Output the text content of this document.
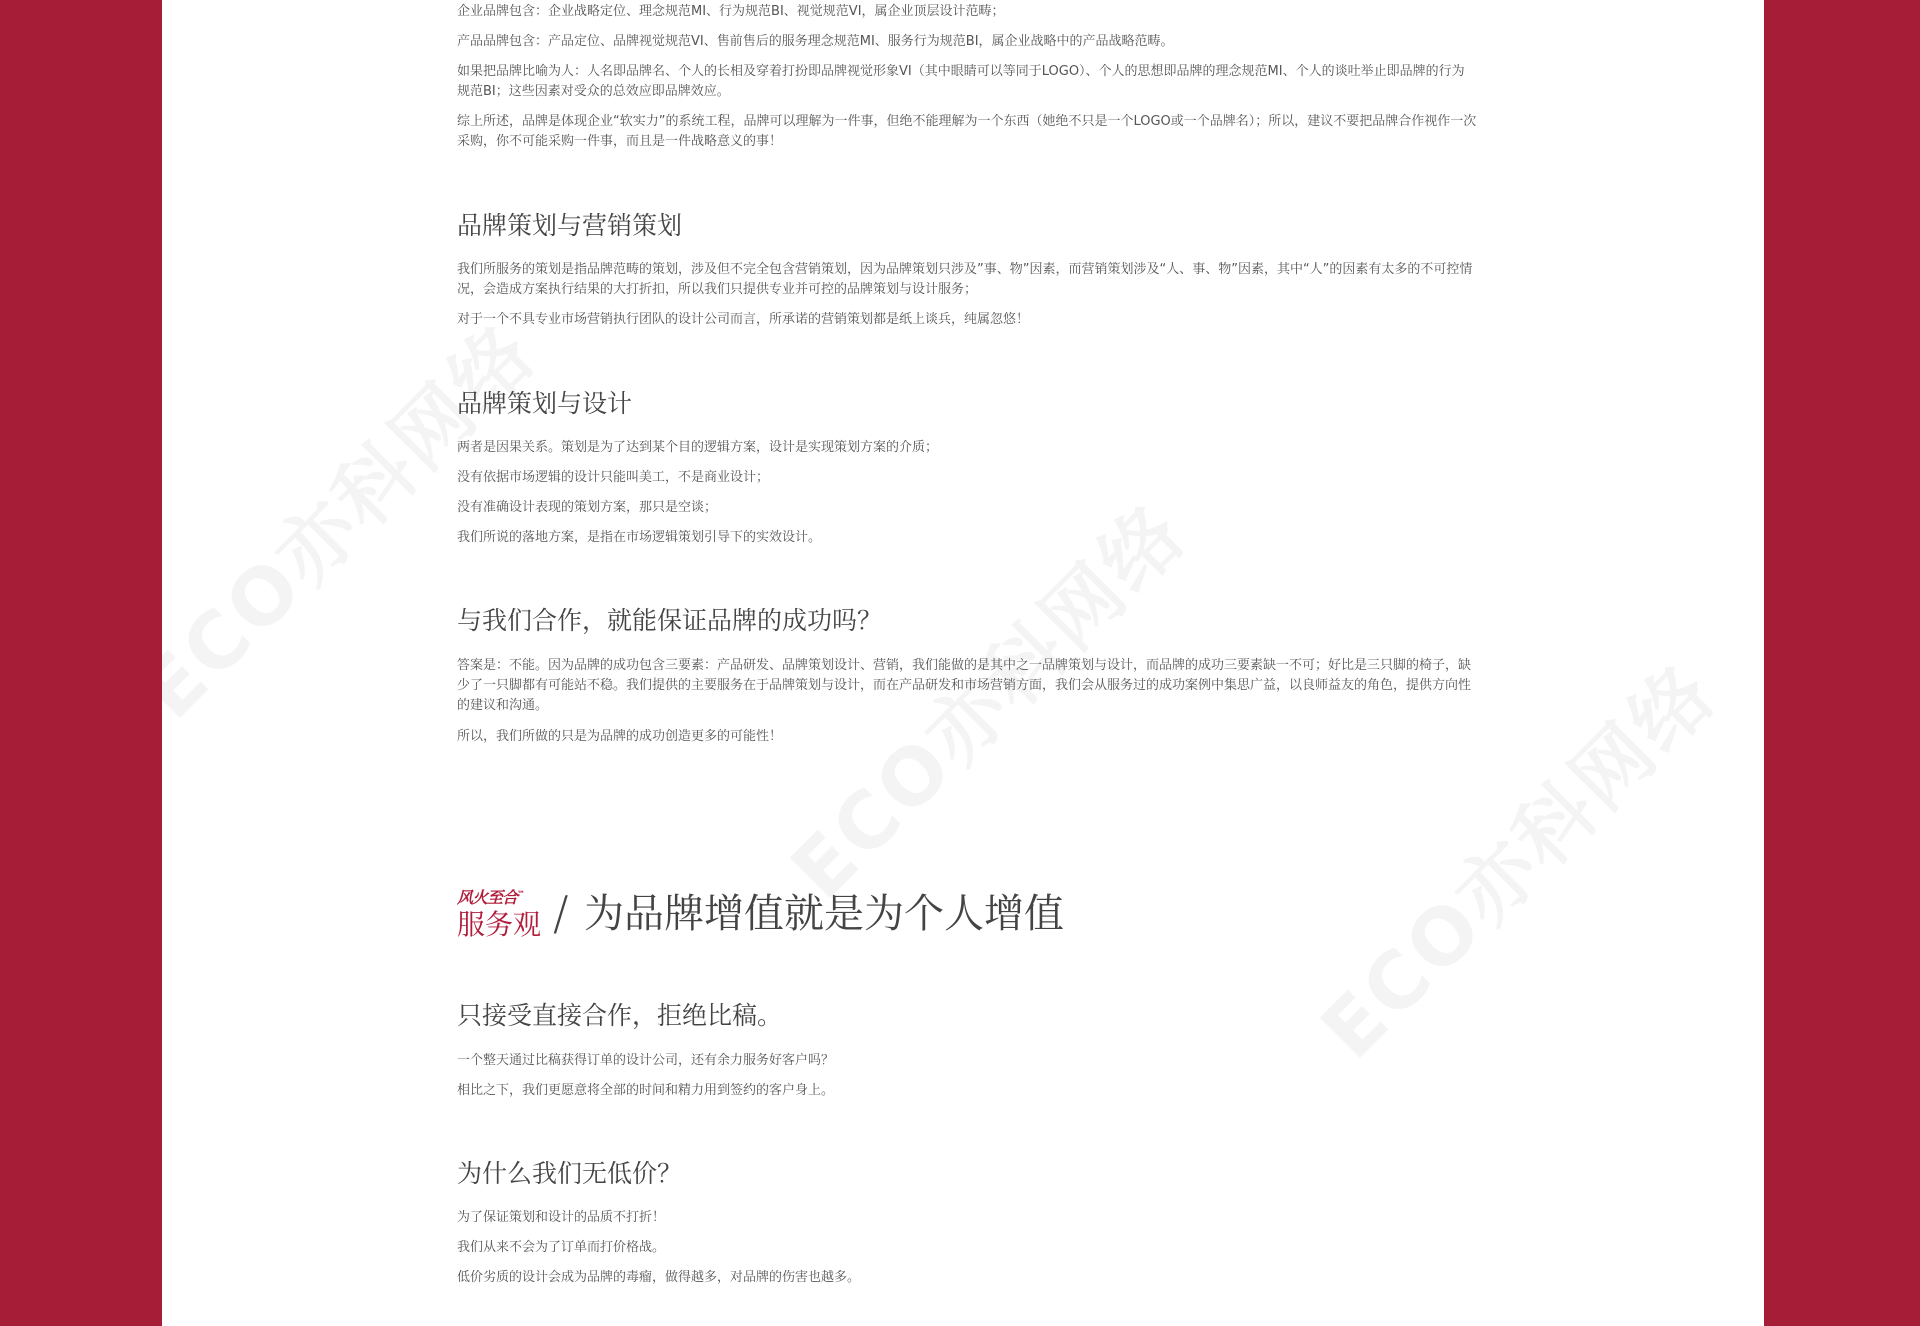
企业品牌包含：企业战略定位、理念规范MI、行为规范BI、视觉规范VI，属企业顶层设计范畴；

产品品牌包含：产品定位、品牌视觉规范VI、售前售后的服务理念规范MI、服务行为规范BI，属企业战略中的产品战略范畴。

如果把品牌比喻为人：人名即品牌名、个人的长相及穿着打扮即品牌视觉形象VI（其中眼睛可以等同于LOGO）、个人的思想即品牌的理念规范MI、个人的谈吐举止即品牌的行为规范BI；这些因素对受众的总效应即品牌效应。

综上所述，品牌是体现企业“软实力”的系统工程，品牌可以理解为一件事，但绝不能理解为一个东西（她绝不只是一个LOGO或一个品牌名）；所以，建议不要把品牌合作视作一次采购，你不可能采购一件事，而且是一件战略意义的事！

品牌策划与营销策划

我们所服务的策划是指品牌范畴的策划，涉及但不完全包含营销策划，因为品牌策划只涉及”事、物”因素，而营销策划涉及“人、事、物”因素，其中“人”的因素有太多的不可控情况，会造成方案执行结果的大打折扣，所以我们只提供专业并可控的品牌策划与设计服务；

对于一个不具专业市场营销执行团队的设计公司而言，所承诺的营销策划都是纸上谈兵，纯属忽悠！

品牌策划与设计

两者是因果关系。策划是为了达到某个目的逻辑方案，设计是实现策划方案的介质；

没有依据市场逻辑的设计只能叫美工，不是商业设计；

没有准确设计表现的策划方案，那只是空谈；

我们所说的落地方案，是指在市场逻辑策划引导下的实效设计。

与我们合作，就能保证品牌的成功吗？

答案是：不能。因为品牌的成功包含三要素：产品研发、品牌策划设计、营销，我们能做的是其中之一品牌策划与设计，而品牌的成功三要素缺一不可；好比是三只脚的椅子，缺少了一只脚都有可能站不稳。我们提供的主要服务在于品牌策划与设计，而在产品研发和市场营销方面，我们会从服务过的成功案例中集思广益，以良师益友的角色，提供方向性的建议和沟通。

所以，我们所做的只是为品牌的成功创造更多的可能性！

风火至合™
服务观 / 为品牌增值就是为个人增值
只接受直接合作，拒绝比稿。

一个整天通过比稿获得订单的设计公司，还有余力服务好客户吗？

相比之下，我们更愿意将全部的时间和精力用到签约的客户身上。

为什么我们无低价？

为了保证策划和设计的品质不打折！

我们从来不会为了订单而打价格战。

低价劣质的设计会成为品牌的毒瘤，做得越多，对品牌的伤害也越多。
